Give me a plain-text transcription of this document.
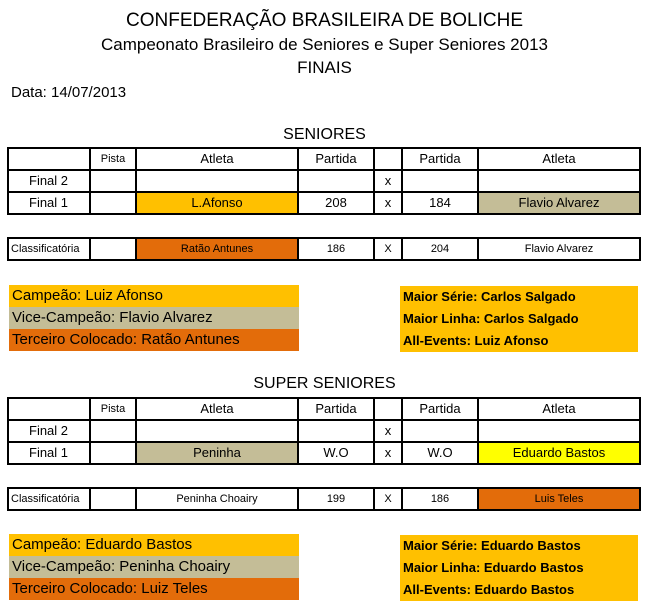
CONFEDERAÇÃO BRASILEIRA DE BOLICHE
Campeonato Brasileiro de Seniores e Super Seniores 2013
FINAIS
Data: 14/07/2013
SENIORES
	Pista	Atleta	Partida		Partida	Atleta
Final 2				x		
Final 1		L.Afonso	208	x	184	Flavio Alvarez
Classificatória		Ratão Antunes	186	X	204	Flavio Alvarez
Campeão: Luiz Afonso
Vice-Campeão: Flavio Alvarez
Terceiro Colocado: Ratão Antunes
Maior Série: Carlos Salgado
Maior Linha: Carlos Salgado
All-Events: Luiz Afonso
SUPER SENIORES
	Pista	Atleta	Partida		Partida	Atleta
Final 2				x		
Final 1		Peninha	W.O	x	W.O	Eduardo Bastos
Classificatória		Peninha Choairy	199	X	186	Luis Teles
Campeão: Eduardo Bastos
Vice-Campeão: Peninha Choairy
Terceiro Colocado: Luiz Teles
Maior Série: Eduardo Bastos
Maior Linha: Eduardo Bastos
All-Events: Eduardo Bastos
